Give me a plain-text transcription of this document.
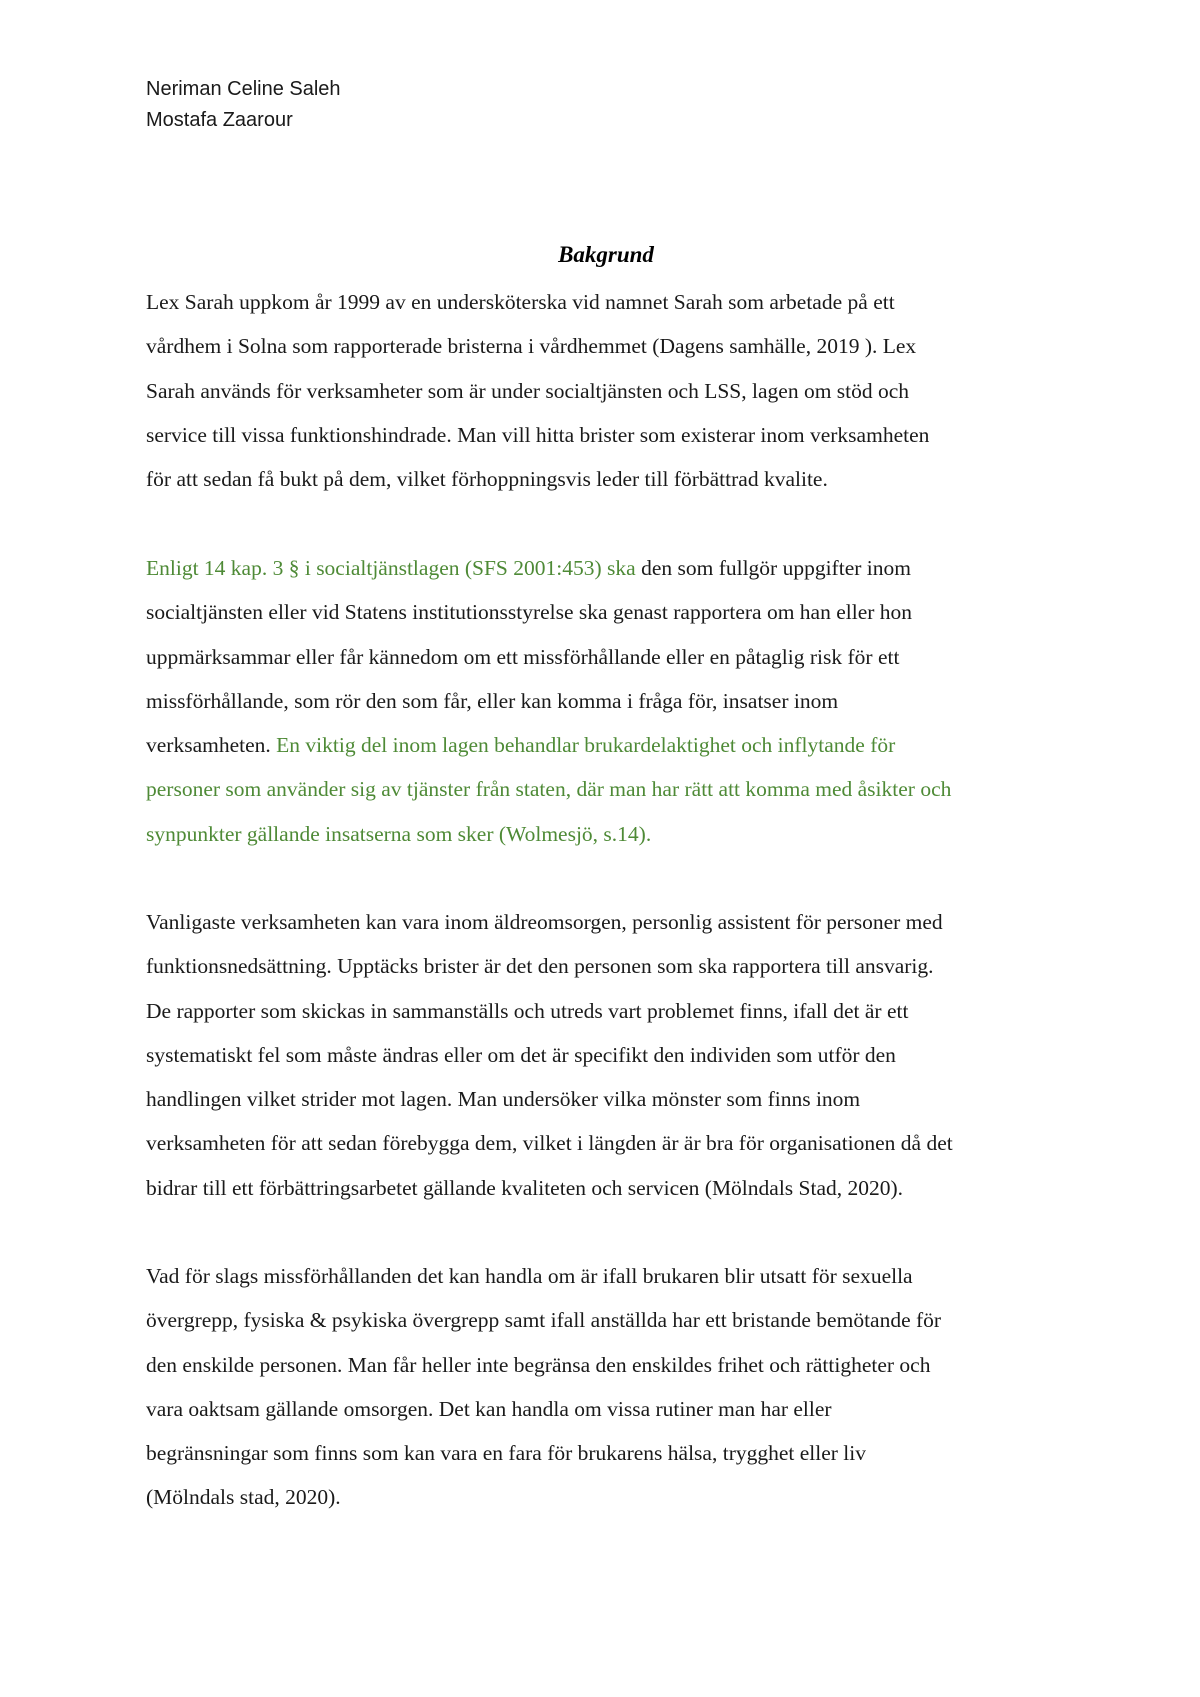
Neriman Celine Saleh
Mostafa Zaarour
Bakgrund
Lex Sarah uppkom år 1999 av en undersköterska vid namnet Sarah som arbetade på ett
vårdhem i Solna som rapporterade bristerna i vårdhemmet (Dagens samhälle, 2019 ). Lex
Sarah används för verksamheter som är under socialtjänsten och LSS, lagen om stöd och
service till vissa funktionshindrade. Man vill hitta brister som existerar inom verksamheten
för att sedan få bukt på dem, vilket förhoppningsvis leder till förbättrad kvalite.
Enligt 14 kap. 3 § i socialtjänstlagen (SFS 2001:453) ska den som fullgör uppgifter inom
socialtjänsten eller vid Statens institutionsstyrelse ska genast rapportera om han eller hon
uppmärksammar eller får kännedom om ett missförhållande eller en påtaglig risk för ett
missförhållande, som rör den som får, eller kan komma i fråga för, insatser inom
verksamheten. En viktig del inom lagen behandlar brukardelaktighet och inflytande för
personer som använder sig av tjänster från staten, där man har rätt att komma med åsikter och
synpunkter gällande insatserna som sker (Wolmesjö, s.14).
Vanligaste verksamheten kan vara inom äldreomsorgen, personlig assistent för personer med
funktionsnedsättning. Upptäcks brister är det den personen som ska rapportera till ansvarig.
De rapporter som skickas in sammanställs och utreds vart problemet finns, ifall det är ett
systematiskt fel som måste ändras eller om det är specifikt den individen som utför den
handlingen vilket strider mot lagen. Man undersöker vilka mönster som finns inom
verksamheten för att sedan förebygga dem, vilket i längden är är bra för organisationen då det
bidrar till ett förbättringsarbetet gällande kvaliteten och servicen (Mölndals Stad, 2020).
Vad för slags missförhållanden det kan handla om är ifall brukaren blir utsatt för sexuella
övergrepp, fysiska & psykiska övergrepp samt ifall anställda har ett bristande bemötande för
den enskilde personen. Man får heller inte begränsa den enskildes frihet och rättigheter och
vara oaktsam gällande omsorgen. Det kan handla om vissa rutiner man har eller
begränsningar som finns som kan vara en fara för brukarens hälsa, trygghet eller liv
(Mölndals stad, 2020).
